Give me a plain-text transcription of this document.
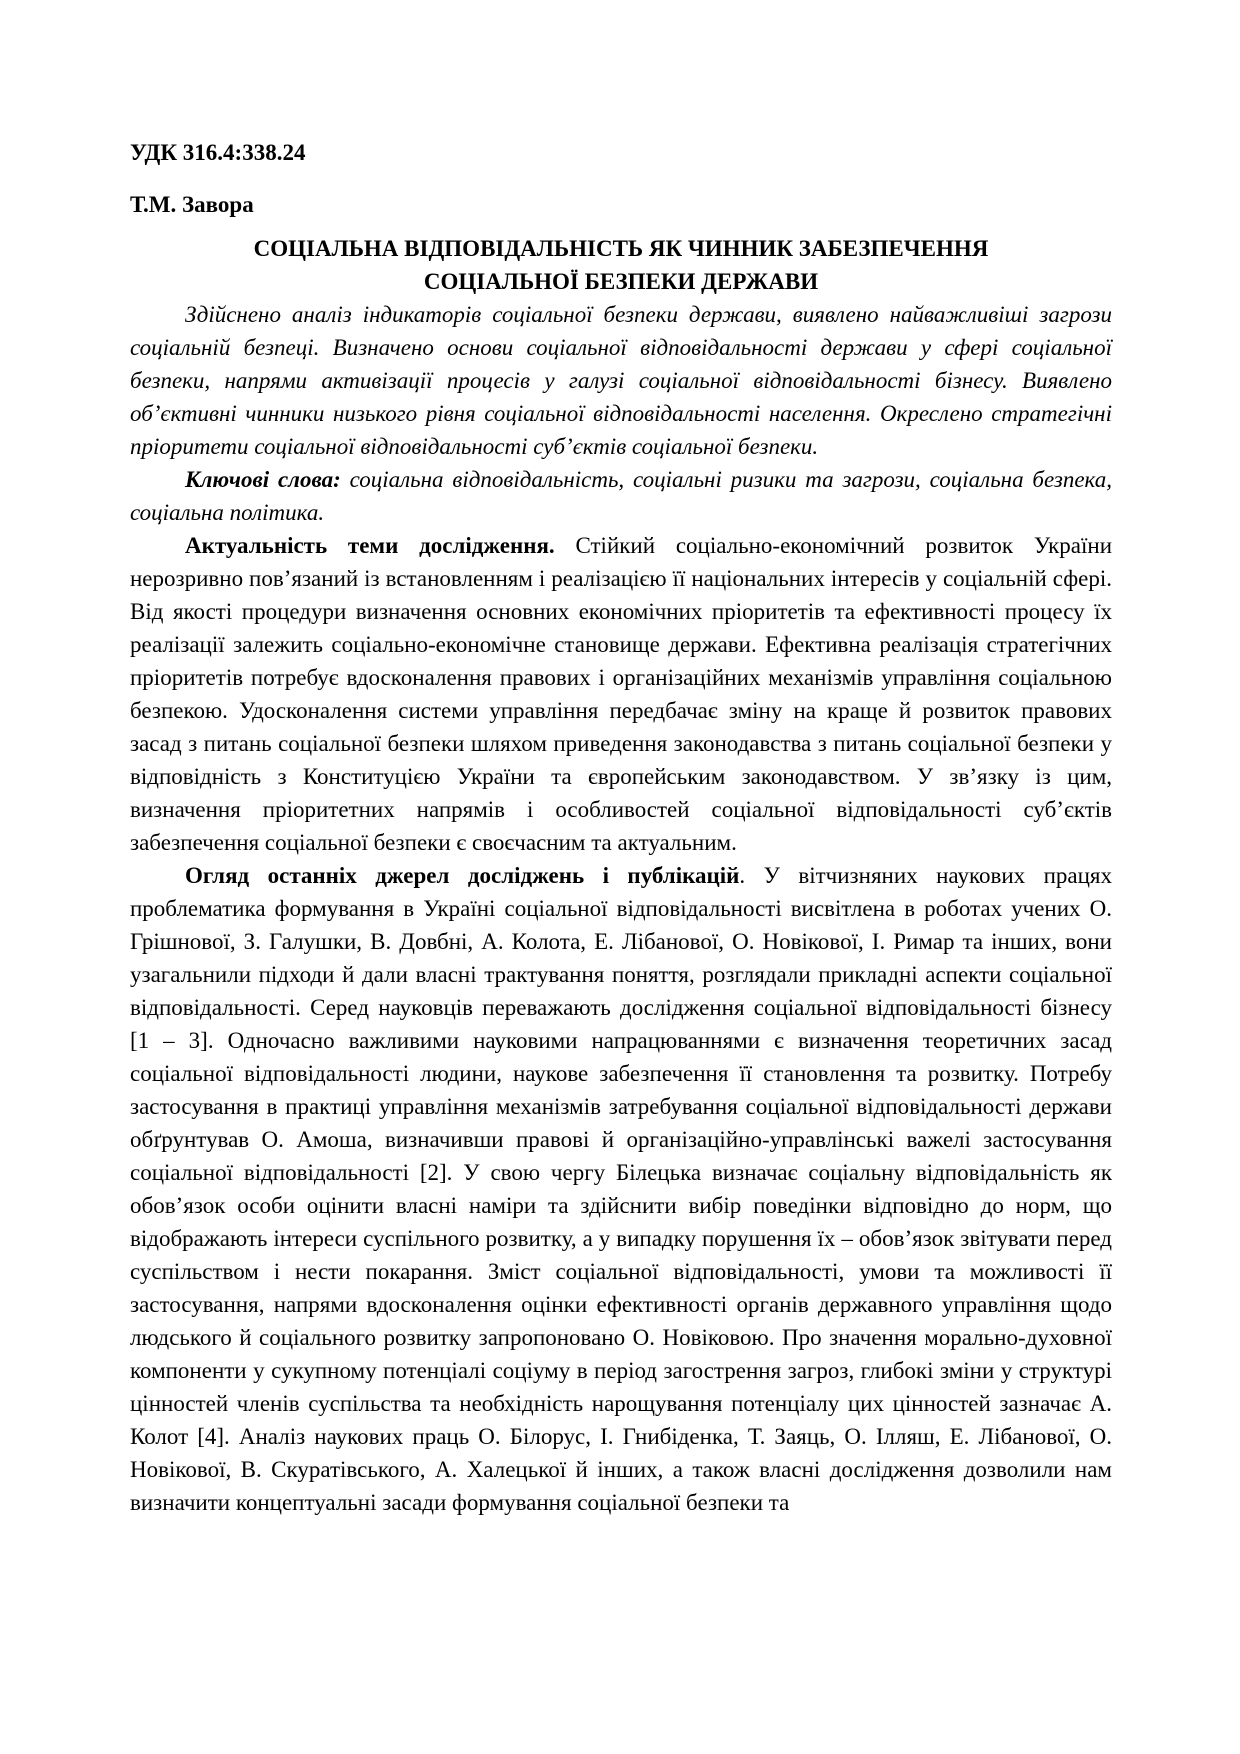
УДК 316.4:338.24

Т.М. Завора

СОЦІАЛЬНА ВІДПОВІДАЛЬНІСТЬ ЯК ЧИННИК ЗАБЕЗПЕЧЕННЯ
СОЦІАЛЬНОЇ БЕЗПЕКИ ДЕРЖАВИ

Здійснено аналіз індикаторів соціальної безпеки держави, виявлено найважливіші загрози соціальній безпеці. Визначено основи соціальної відповідальності держави у сфері соціальної безпеки, напрями активізації процесів у галузі соціальної відповідальності бізнесу. Виявлено об’єктивні чинники низького рівня соціальної відповідальності населення. Окреслено стратегічні пріоритети соціальної відповідальності суб’єктів соціальної безпеки.

Ключові слова: соціальна відповідальність, соціальні ризики та загрози, соціальна безпека, соціальна політика.

Актуальність теми дослідження. Стійкий соціально-економічний розвиток України нерозривно пов’язаний із встановленням і реалізацією її національних інтересів у соціальній сфері. Від якості процедури визначення основних економічних пріоритетів та ефективності процесу їх реалізації залежить соціально-економічне становище держави. Ефективна реалізація стратегічних пріоритетів потребує вдосконалення правових і організаційних механізмів управління соціальною безпекою. Удосконалення системи управління передбачає зміну на краще й розвиток правових засад з питань соціальної безпеки шляхом приведення законодавства з питань соціальної безпеки у відповідність з Конституцією України та європейським законодавством. У зв’язку із цим, визначення пріоритетних напрямів і особливостей соціальної відповідальності суб’єктів забезпечення соціальної безпеки є своєчасним та актуальним.

Огляд останніх джерел досліджень і публікацій. У вітчизняних наукових працях проблематика формування в Україні соціальної відповідальності висвітлена в роботах учених О. Грішнової, З. Галушки, В. Довбні, А. Колота, Е. Лібанової, О. Новікової, І. Римар та інших, вони узагальнили підходи й дали власні трактування поняття, розглядали прикладні аспекти соціальної відповідальності. Серед науковців переважають дослідження соціальної відповідальності бізнесу [1 – 3]. Одночасно важливими науковими напрацюваннями є визначення теоретичних засад соціальної відповідальності людини, наукове забезпечення її становлення та розвитку. Потребу застосування в практиці управління механізмів затребування соціальної відповідальності держави обґрунтував О. Амоша, визначивши правові й організаційно-управлінські важелі застосування соціальної відповідальності [2]. У свою чергу Білецька визначає соціальну відповідальність як обов’язок особи оцінити власні наміри та здійснити вибір поведінки відповідно до норм, що відображають інтереси суспільного розвитку, а у випадку порушення їх – обов’язок звітувати перед суспільством і нести покарання. Зміст соціальної відповідальності, умови та можливості її застосування, напрями вдосконалення оцінки ефективності органів державного управління щодо людського й соціального розвитку запропоновано О. Новіковою. Про значення морально-духовної компоненти у сукупному потенціалі соціуму в період загострення загроз, глибокі зміни у структурі цінностей членів суспільства та необхідність нарощування потенціалу цих цінностей зазначає А. Колот [4]. Аналіз наукових праць О. Білорус, І. Гнибіденка, Т. Заяць, О. Ілляш, Е. Лібанової, О. Новікової, В. Скуратівського, А. Халецької й інших, а також власні дослідження дозволили нам визначити концептуальні засади формування соціальної безпеки та
